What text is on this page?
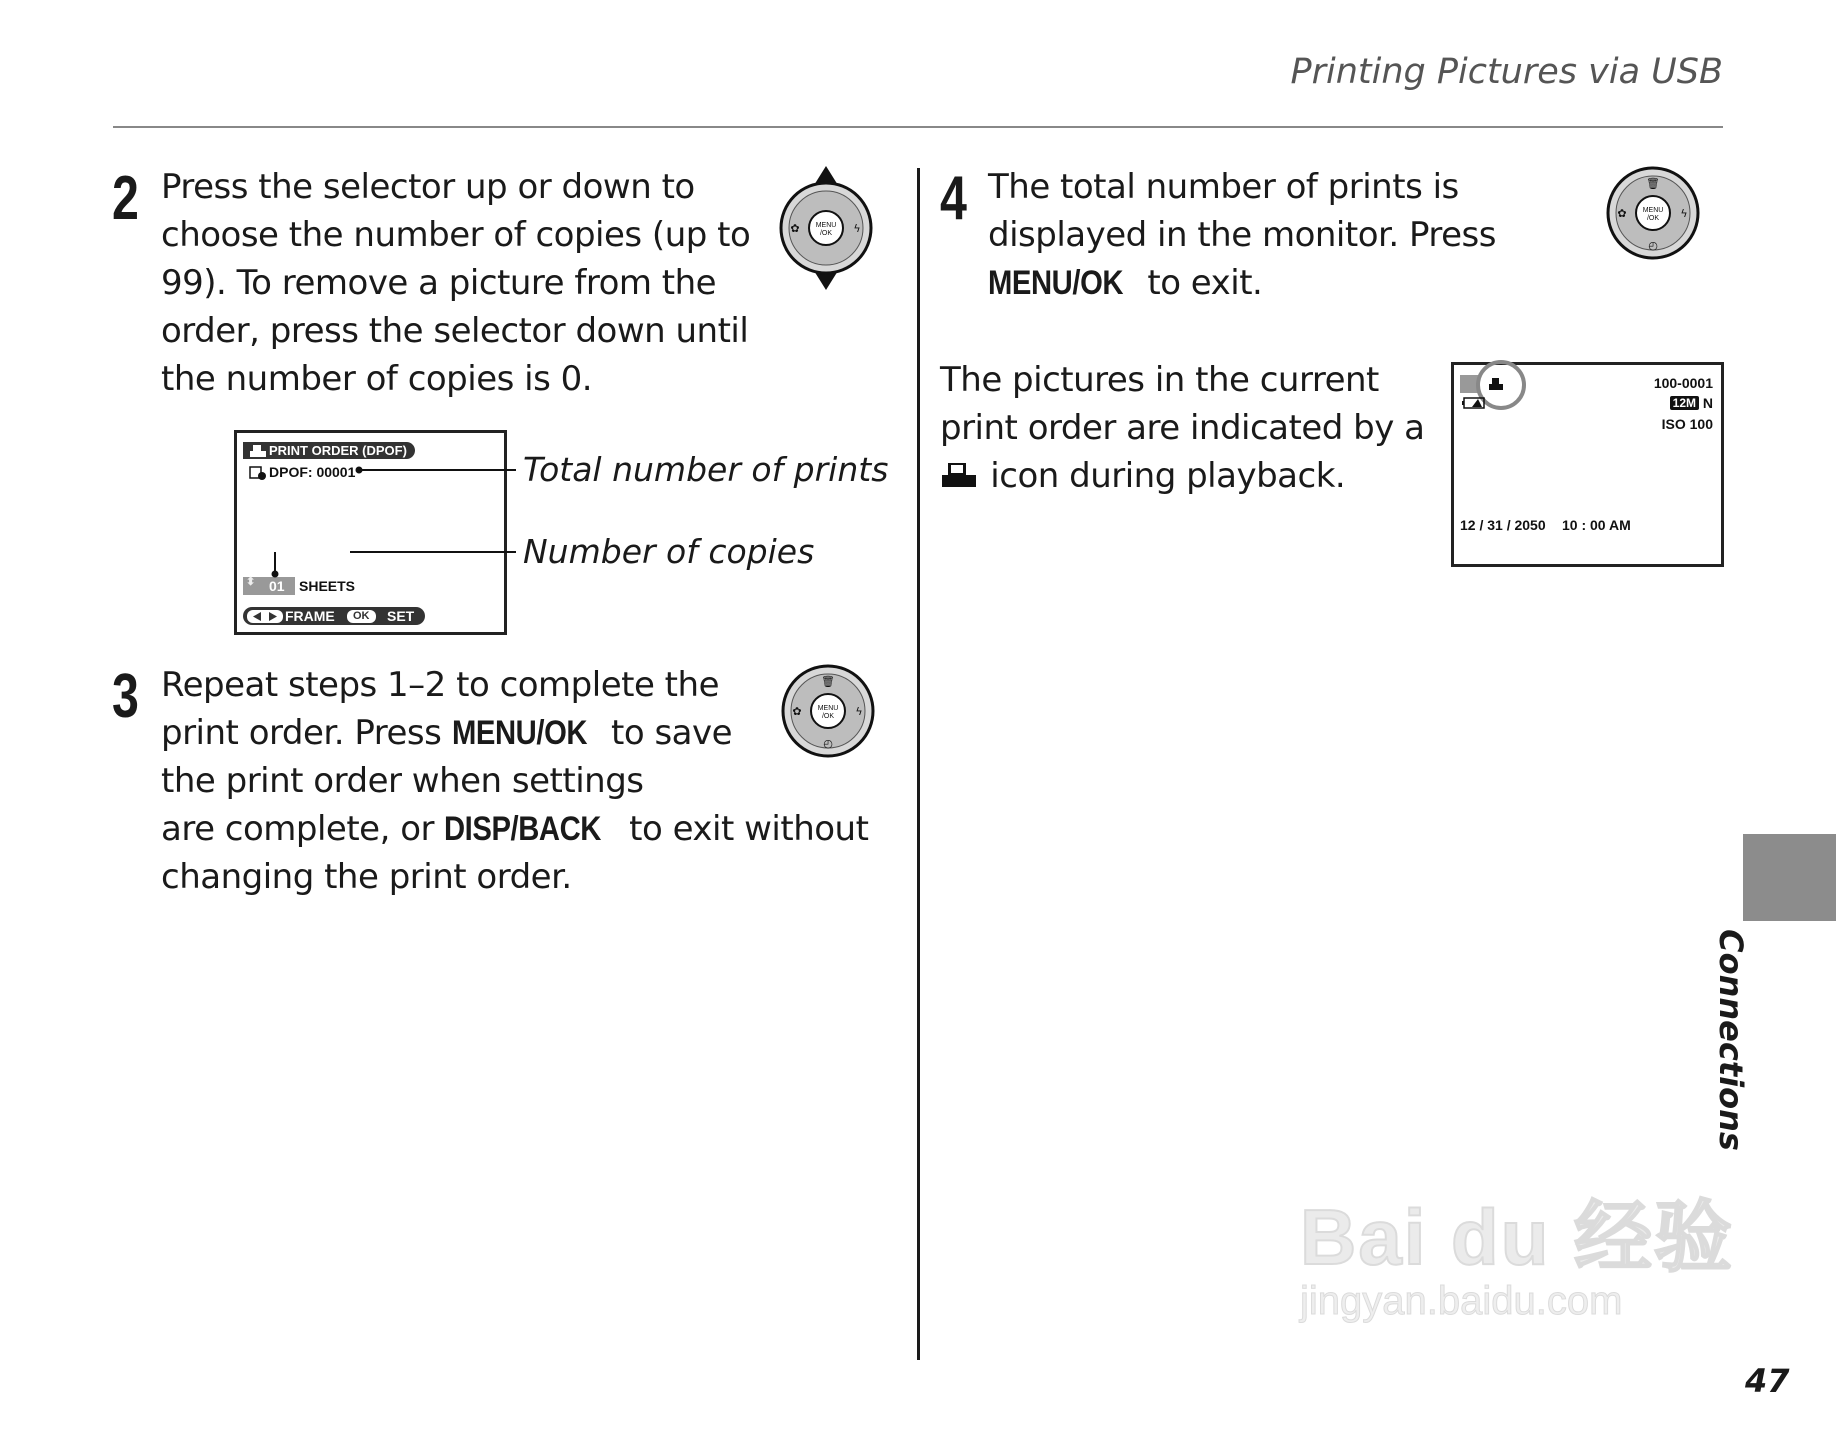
Printing Pictures via USB
2 Press the selector up or down to
choose the number of copies (up to
99). To remove a picture from the
order, press the selector down until
the number of copies is 0.
MENU
/OK
✿	ϟ
PRINT ORDER (DPOF)
DPOF: 00001
⬍ 01 SHEETS
FRAME	OK	SET
Total number of prints
Number of copies
3 Repeat steps 1–2 to complete the
print order. Press MENU/OK to save
the print order when settings
are complete, or DISP/BACK to exit without
changing the print order.
MENU
/OK
🗑
◴
✿	ϟ
4 The total number of prints is
displayed in the monitor. Press
MENU/OK to exit.
MENU
/OK
🗑
◴
✿	ϟ
The pictures in the current
print order are indicated by a
icon during playback.
100-0001
12M N
ISO 100
12 / 31 / 2050 10 : 00 AM
Connections
Bai du 经验
jingyan.baidu.com
47
